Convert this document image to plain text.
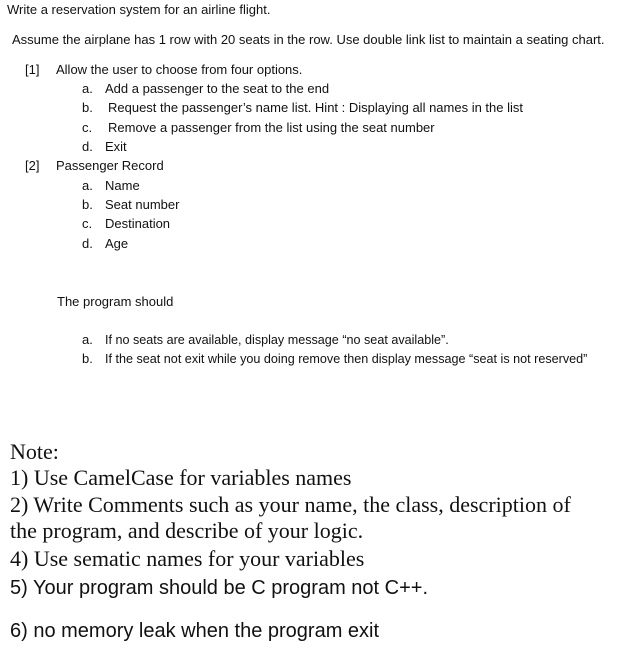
Write a reservation system for an airline flight.
Assume the airplane has 1 row with 20 seats in the row. Use double link list to maintain a seating chart.
[1] Allow the user to choose from four options.
a. Add a passenger to the seat to the end
b. Request the passenger’s name list. Hint : Displaying all names in the list
c. Remove a passenger from the list using the seat number
d. Exit
[2] Passenger Record
a. Name
b. Seat number
c. Destination
d. Age
The program should
a. If no seats are available, display message “no seat available”.
b. If the seat not exit while you doing remove then display message “seat is not reserved”
Note:
1) Use CamelCase for variables names
2) Write Comments such as your name, the class, description of
the program, and describe of your logic.
4) Use sematic names for your variables
5) Your program should be C program not C++.
6) no memory leak when the program exit
